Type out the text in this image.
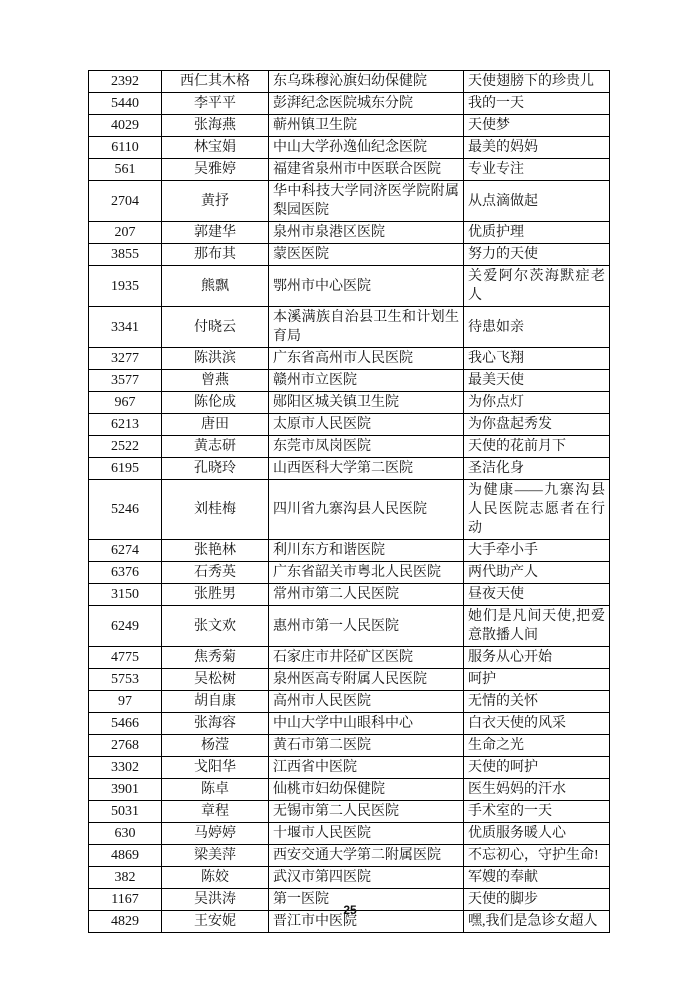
2392	西仁其木格	东乌珠穆沁旗妇幼保健院	天使翅膀下的珍贵儿
5440	李平平	彭湃纪念医院城东分院	我的一天
4029	张海燕	蕲州镇卫生院	天使梦
6110	林宝娟	中山大学孙逸仙纪念医院	最美的妈妈
561	吴雅婷	福建省泉州市中医联合医院	专业专注
2704	黄抒	华中科技大学同济医学院附属梨园医院	从点滴做起
207	郭建华	泉州市泉港区医院	优质护理
3855	那布其	蒙医医院	努力的天使
1935	熊飘	鄂州市中心医院	关爱阿尔茨海默症老人
3341	付晓云	本溪满族自治县卫生和计划生育局	待患如亲
3277	陈洪滨	广东省高州市人民医院	我心飞翔
3577	曾燕	赣州市立医院	最美天使
967	陈伦成	郧阳区城关镇卫生院	为你点灯
6213	唐田	太原市人民医院	为你盘起秀发
2522	黄志研	东莞市凤岗医院	天使的花前月下
6195	孔晓玲	山西医科大学第二医院	圣洁化身
5246	刘桂梅	四川省九寨沟县人民医院	为健康——九寨沟县人民医院志愿者在行动
6274	张艳林	利川东方和谐医院	大手牵小手
6376	石秀英	广东省韶关市粤北人民医院	两代助产人
3150	张胜男	常州市第二人民医院	昼夜天使
6249	张文欢	惠州市第一人民医院	她们是凡间天使,把爱意散播人间
4775	焦秀菊	石家庄市井陉矿区医院	服务从心开始
5753	吴松树	泉州医高专附属人民医院	呵护
97	胡自康	高州市人民医院	无情的关怀
5466	张海容	中山大学中山眼科中心	白衣天使的风采
2768	杨滢	黄石市第二医院	生命之光
3302	戈阳华	江西省中医院	天使的呵护
3901	陈卓	仙桃市妇幼保健院	医生妈妈的汗水
5031	章程	无锡市第二人民医院	手术室的一天
630	马婷婷	十堰市人民医院	优质服务暖人心
4869	梁美萍	西安交通大学第二附属医院	不忘初心，守护生命!
382	陈姣	武汉市第四医院	军嫂的奉献
1167	吴洪涛	第一医院	天使的脚步
4829	王安妮	晋江市中医院	嘿,我们是急诊女超人
25
